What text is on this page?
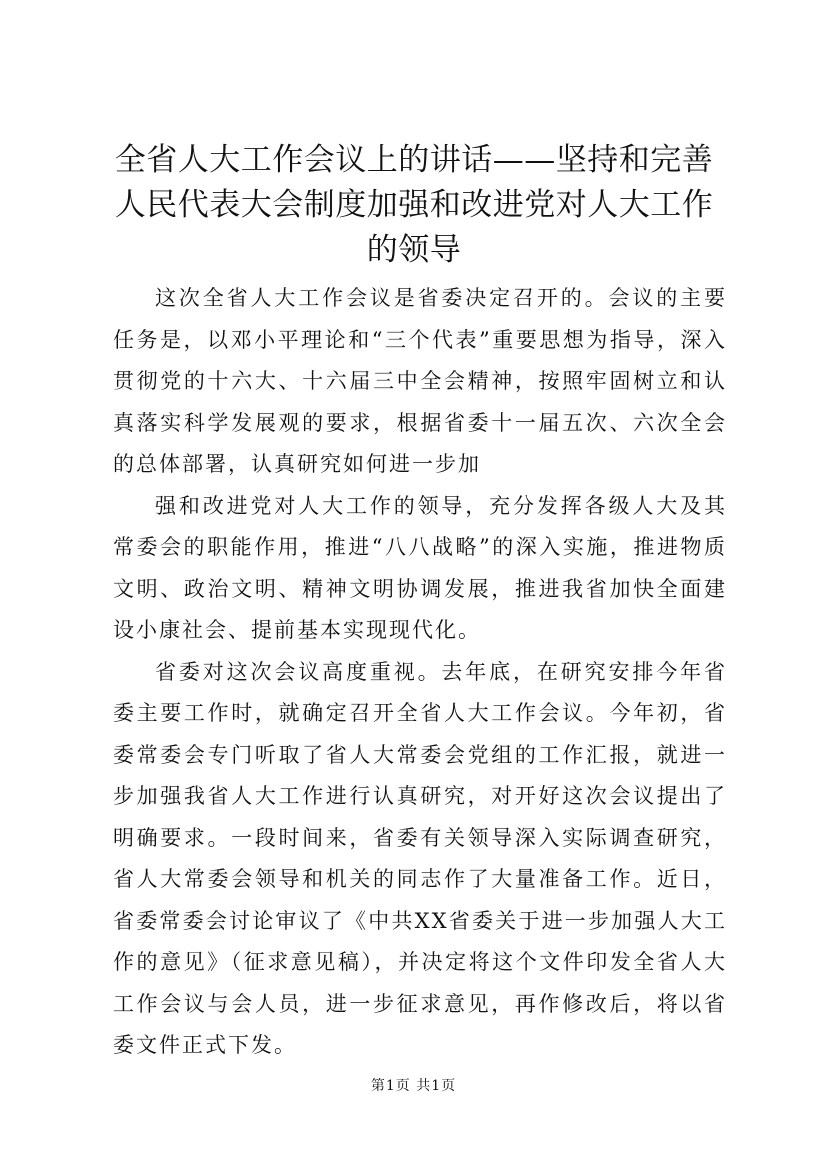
全省人大工作会议上的讲话——坚持和完善人民代表大会制度加强和改进党对人大工作的领导

这次全省人大工作会议是省委决定召开的。会议的主要任务是，以邓小平理论和“三个代表”重要思想为指导，深入贯彻党的十六大、十六届三中全会精神，按照牢固树立和认真落实科学发展观的要求，根据省委十一届五次、六次全会的总体部署，认真研究如何进一步加

强和改进党对人大工作的领导，充分发挥各级人大及其常委会的职能作用，推进“八八战略”的深入实施，推进物质文明、政治文明、精神文明协调发展，推进我省加快全面建设小康社会、提前基本实现现代化。

省委对这次会议高度重视。去年底，在研究安排今年省委主要工作时，就确定召开全省人大工作会议。今年初，省委常委会专门听取了省人大常委会党组的工作汇报，就进一步加强我省人大工作进行认真研究，对开好这次会议提出了明确要求。一段时间来，省委有关领导深入实际调查研究，省人大常委会领导和机关的同志作了大量准备工作。近日，省委常委会讨论审议了《中共XX省委关于进一步加强人大工作的意见》（征求意见稿），并决定将这个文件印发全省人大工作会议与会人员，进一步征求意见，再作修改后，将以省委文件正式下发。

第1页 共1页
